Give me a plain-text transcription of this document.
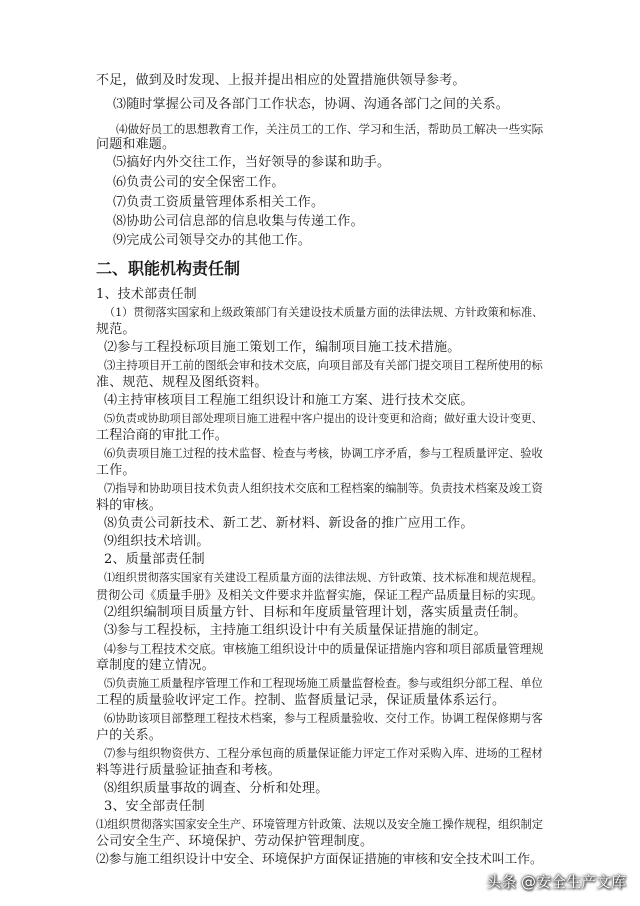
不足，做到及时发现、上报并提出相应的处置措施供领导参考。
⑶随时掌握公司及各部门工作状态，协调、沟通各部门之间的关系。
⑷做好员工的思想教育工作，关注员工的工作、学习和生活，帮助员工解决一些实际
问题和难题。
⑸搞好内外交往工作，当好领导的参谋和助手。
⑹负责公司的安全保密工作。
⑺负责工资质量管理体系相关工作。
⑻协助公司信息部的信息收集与传递工作。
⑼完成公司领导交办的其他工作。
二、职能机构责任制
1、技术部责任制
（1）贯彻落实国家和上级政策部门有关建设技术质量方面的法律法规、方针政策和标准、
规范。
⑵参与工程投标项目施工策划工作，编制项目施工技术措施。
⑶主持项目开工前的图纸会审和技术交底，向项目部及有关部门提交项目工程所使用的标
准、规范、规程及图纸资料。
⑷主持审核项目工程施工组织设计和施工方案、进行技术交底。
⑸负责或协助项目部处理项目施工进程中客户提出的设计变更和洽商；做好重大设计变更、
工程洽商的审批工作。
⑹负责项目施工过程的技术监督、检查与考核，协调工序矛盾，参与工程质量评定、验收
工作。
⑺指导和协助项目技术负责人组织技术交底和工程档案的编制等。负责技术档案及竣工资
料的审核。
⑻负责公司新技术、新工艺、新材料、新设备的推广应用工作。
⑼组织技术培训。
2、质量部责任制
⑴组织贯彻落实国家有关建设工程质量方面的法律法规、方针政策、技术标准和规范规程。
贯彻公司《质量手册》及相关文件要求并监督实施，保证工程产品质量目标的实现。
⑵组织编制项目质量方针、目标和年度质量管理计划，落实质量责任制。
⑶参与工程投标，主持施工组织设计中有关质量保证措施的制定。
⑷参与工程技术交底。审核施工组织设计中的质量保证措施内容和项目部质量管理规
章制度的建立情况。
⑸负责施工质量程序管理工作和工程现场施工质量监督检查。参与或组织分部工程、单位
工程的质量验收评定工作。控制、监督质量记录，保证质量体系运行。
⑹协助该项目部整理工程技术档案，参与工程质量验收、交付工作。协调工程保修期与客
户的关系。
⑺参与组织物资供方、工程分承包商的质量保证能力评定工作对采购入库、进场的工程材
料等进行质量验证抽查和考核。
⑻组织质量事故的调查、分析和处理。
3、安全部责任制
⑴组织贯彻落实国家安全生产、环境管理方针政策、法规以及安全施工操作规程，组织制定
公司安全生产、环境保护、劳动保护管理制度。
⑵参与施工组织设计中安全、环境保护方面保证措施的审核和安全技术叫工作。
头条 @安全生产文库
